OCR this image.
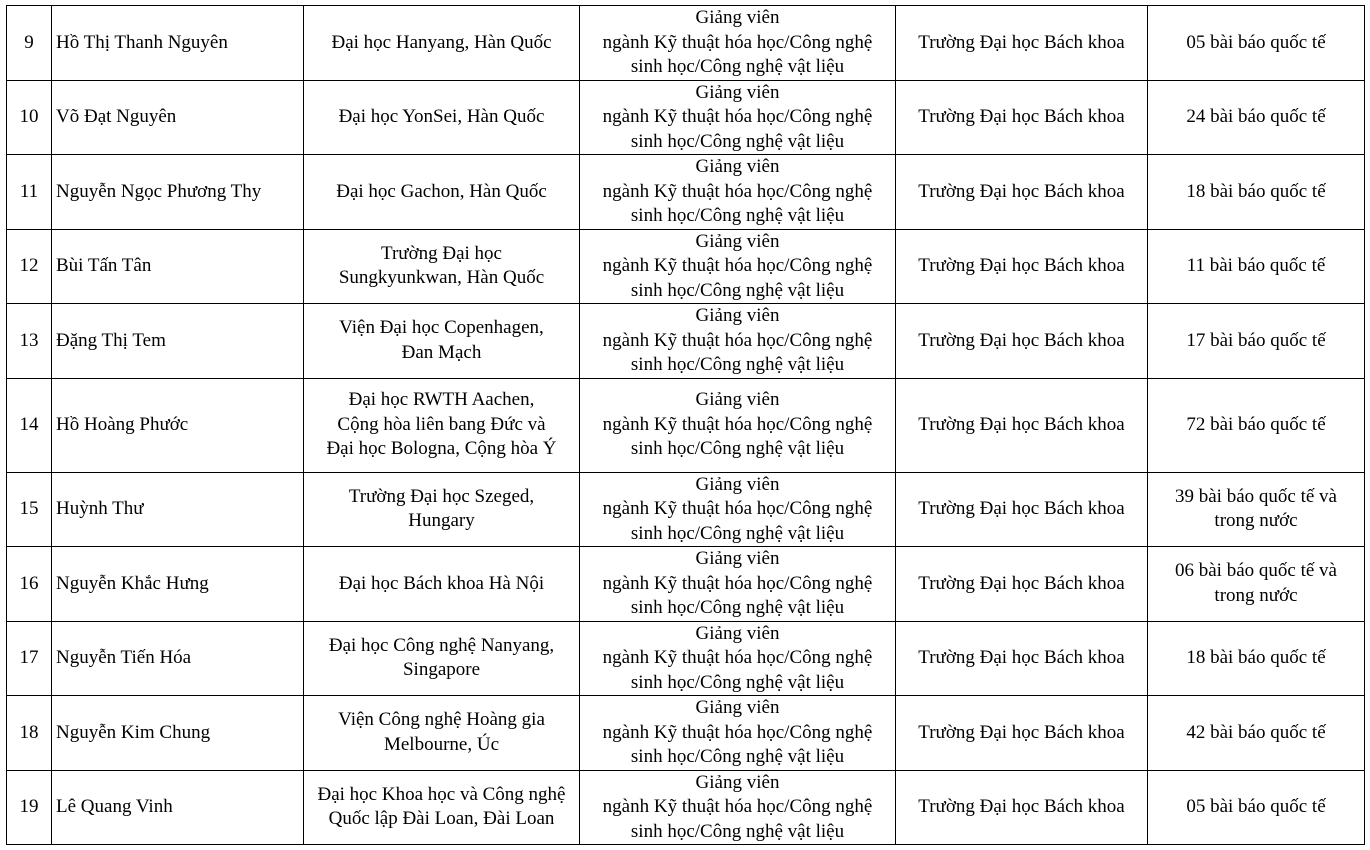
9	Hồ Thị Thanh Nguyên	Đại học Hanyang, Hàn Quốc	Giảng viên
ngành Kỹ thuật hóa học/Công nghệ
sinh học/Công nghệ vật liệu	Trường Đại học Bách khoa	05 bài báo quốc tế

10	Võ Đạt Nguyên	Đại học YonSei, Hàn Quốc	Giảng viên
ngành Kỹ thuật hóa học/Công nghệ
sinh học/Công nghệ vật liệu	Trường Đại học Bách khoa	24 bài báo quốc tế

11	Nguyễn Ngọc Phương Thy	Đại học Gachon, Hàn Quốc	Giảng viên
ngành Kỹ thuật hóa học/Công nghệ
sinh học/Công nghệ vật liệu	Trường Đại học Bách khoa	18 bài báo quốc tế

12	Bùi Tấn Tân	Trường Đại học
Sungkyunkwan, Hàn Quốc	Giảng viên
ngành Kỹ thuật hóa học/Công nghệ
sinh học/Công nghệ vật liệu	Trường Đại học Bách khoa	11 bài báo quốc tế

13	Đặng Thị Tem	Viện Đại học Copenhagen,
Đan Mạch	Giảng viên
ngành Kỹ thuật hóa học/Công nghệ
sinh học/Công nghệ vật liệu	Trường Đại học Bách khoa	17 bài báo quốc tế

14	Hồ Hoàng Phước	Đại học RWTH Aachen,
Cộng hòa liên bang Đức và
Đại học Bologna, Cộng hòa Ý	Giảng viên
ngành Kỹ thuật hóa học/Công nghệ
sinh học/Công nghệ vật liệu	Trường Đại học Bách khoa	72 bài báo quốc tế

15	Huỳnh Thư	Trường Đại học Szeged,
Hungary	Giảng viên
ngành Kỹ thuật hóa học/Công nghệ
sinh học/Công nghệ vật liệu	Trường Đại học Bách khoa	39 bài báo quốc tế và
trong nước

16	Nguyễn Khắc Hưng	Đại học Bách khoa Hà Nội	Giảng viên
ngành Kỹ thuật hóa học/Công nghệ
sinh học/Công nghệ vật liệu	Trường Đại học Bách khoa	06 bài báo quốc tế và
trong nước

17	Nguyễn Tiến Hóa	Đại học Công nghệ Nanyang,
Singapore	Giảng viên
ngành Kỹ thuật hóa học/Công nghệ
sinh học/Công nghệ vật liệu	Trường Đại học Bách khoa	18 bài báo quốc tế

18	Nguyễn Kim Chung	Viện Công nghệ Hoàng gia
Melbourne, Úc	Giảng viên
ngành Kỹ thuật hóa học/Công nghệ
sinh học/Công nghệ vật liệu	Trường Đại học Bách khoa	42 bài báo quốc tế

19	Lê Quang Vinh	Đại học Khoa học và Công nghệ
Quốc lập Đài Loan, Đài Loan	Giảng viên
ngành Kỹ thuật hóa học/Công nghệ
sinh học/Công nghệ vật liệu	Trường Đại học Bách khoa	05 bài báo quốc tế
